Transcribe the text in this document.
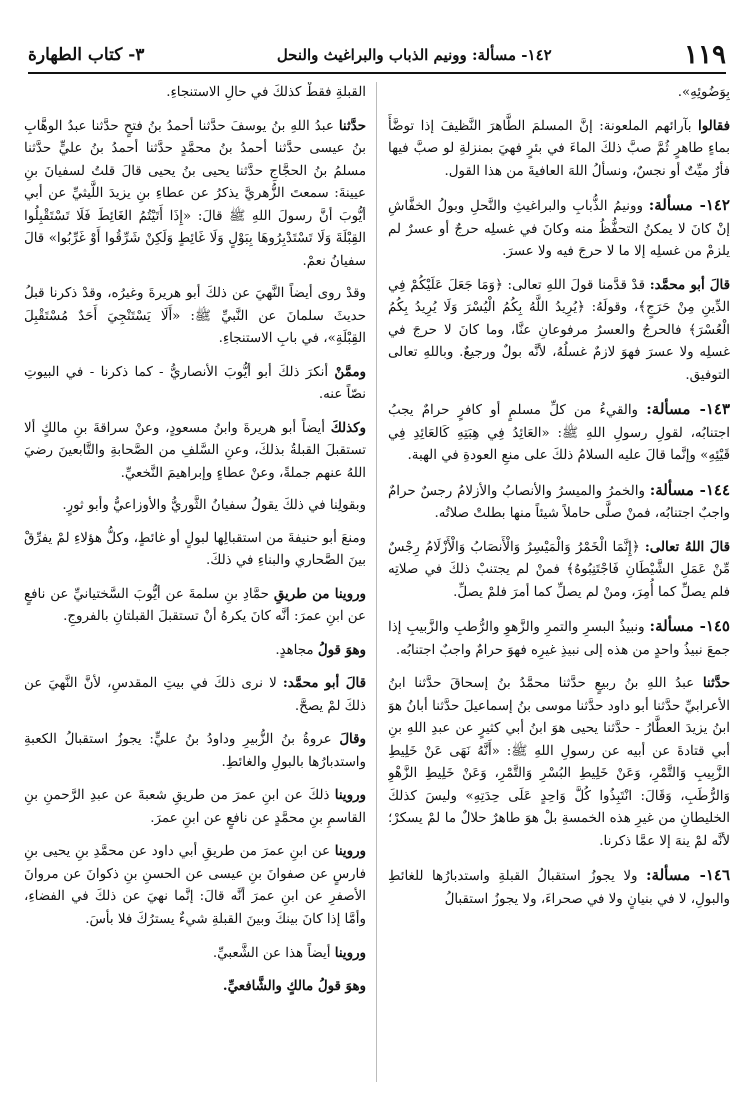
١١٩
١٤٢- مسألة: وونيم الذباب والبراغيث والنحل
٣- كتاب الطهارة

بِوَضُوئِهِ».

فقالوا بآرائهم الملعونة: إنَّ المسلمَ الطَّاهرَ النَّظيفَ إذا توضَّأَ بماءٍ طاهرٍ ثُمَّ صبَّ ذلكَ الماءَ في بئرٍ فهيَ بمنزلةِ لو صبَّ فيها فأرٌ ميِّتٌ أو نجسٌ، ونسألُ اللهَ العافيةَ من هذا القول.

١٤٢- مسألة: وونيمُ الذُّبابِ والبراغيثِ والنَّحلِ وبولُ الخفَّاشِ إنْ كانَ لا يمكنُ التحفُّظُ منه وكانَ في غسلِه حرجٌ أو عسرٌ لم يلزمْ من غسلِه إلا ما لا حرجَ فيه ولا عسرَ.

قالَ أبو محمَّد: قدْ قدَّمنا قولَ اللهِ تعالى: ﴿وَمَا جَعَلَ عَلَيْكُمْ فِي الدِّينِ مِنْ حَرَجٍ﴾، وقولَهُ: ﴿يُرِيدُ اللَّهُ بِكُمُ الْيُسْرَ وَلَا يُرِيدُ بِكُمُ الْعُسْرَ﴾ فالحرجُ والعسرُ مرفوعانِ عنَّا، وما كانَ لا حرجَ في غسلِه ولا عسرَ فهوَ لازمٌ غسلُهُ، لأنَّه بولٌ ورجيعٌ. وباللهِ تعالى التوفيق.

١٤٣- مسألة: والقيءُ من كلِّ مسلمٍ أو كافرٍ حرامٌ يجبُ اجتنابُه، لقولِ رسولِ اللهِ ﷺ: «العَائِدُ فِي هِبَتِهِ كَالعَائِدِ فِي قَيْئِهِ» وإنَّما قالَ عليه السلامُ ذلكَ على منعِ العودةِ في الهبة.

١٤٤- مسألة: والخمرُ والميسرُ والأنصابُ والأزلامُ رجسٌ حرامٌ واجبٌ اجتنابُه، فمنْ صلَّى حاملاً شيئاً منها بطلتْ صلاتُه.

قالَ اللهُ تعالى: ﴿إِنَّمَا الْخَمْرُ وَالْمَيْسِرُ وَالْأَنصَابُ وَالْأَزْلَامُ رِجْسٌ مِّنْ عَمَلِ الشَّيْطَانِ فَاجْتَنِبُوهُ﴾ فمنْ لم يجتنبْ ذلكَ في صلاتِه فلم يصلِّ كما أُمِرَ، ومنْ لم يصلِّ كما أمرَ فلمْ يصلِّ.

١٤٥- مسألة: ونبيذُ البسرِ والتمرِ والزَّهوِ والرُّطبِ والزَّبيبِ إذا جمعَ نبيذُ واحدٍ من هذه إلى نبيذِ غيرِه فهوَ حرامٌ واجبٌ اجتنابُه.

حدَّثنا عبدُ اللهِ بنُ ربيعٍ حدَّثنا محمَّدُ بنُ إسحاقَ حدَّثنا ابنُ الأعرابيِّ حدَّثنا أبو داود حدَّثنا موسى بنُ إسماعيلَ حدَّثنا أبانُ هوَ ابنُ يزيدَ العطَّارُ - حدَّثنا يحيى هوَ ابنُ أبي كثيرٍ عن عبدِ اللهِ بنِ أبي قتادةَ عن أبيه عن رسولِ اللهِ ﷺ: «أَنَّهُ نَهَى عَنْ خَلِيطِ الزَّبِيبِ وَالتَّمْرِ، وَعَنْ خَلِيطِ البُسْرِ وَالتَّمْرِ، وَعَنْ خَلِيطِ الزَّهْوِ وَالرُّطَبِ، وَقَالَ: انْتَبِذُوا كُلَّ وَاحِدٍ عَلَى حِدَتِهِ» وليسَ كذلكَ الخليطانِ من غيرِ هذه الخمسةِ بلْ هوَ طاهرٌ حلالٌ ما لمْ يسكرْ؛ لأنَّه لمْ ينهَ إلا عمَّا ذكرنا.

١٤٦- مسألة: ولا يجوزُ استقبالُ القبلةِ واستدبارُها للغائطِ والبولِ، لا في بنيانٍ ولا في صحراءَ، ولا يجوزُ استقبالُ

القبلةِ فقطْ كذلكَ في حالِ الاستنجاءِ.

حدَّثنا عبدُ اللهِ بنُ يوسفَ حدَّثنا أحمدُ بنُ فتحٍ حدَّثنا عبدُ الوهَّابِ بنُ عيسى حدَّثنا أحمدُ بنُ محمَّدٍ حدَّثنا أحمدُ بنُ عليٍّ حدَّثنا مسلمُ بنُ الحجَّاجِ حدَّثنا يحيى بنُ يحيى قالَ قلتُ لسفيانَ بنِ عيينةَ: سمعتَ الزُّهريَّ يذكرُ عن عطاءِ بنِ يزيدَ اللَّيثيِّ عن أبي أيُّوبَ أنَّ رسولَ اللهِ ﷺ قالَ: «إِذَا أَتَيْتُمُ الغَائِطَ فَلَا تَسْتَقْبِلُوا القِبْلَةَ وَلَا تَسْتَدْبِرُوهَا بِبَوْلٍ وَلَا غَائِطٍ وَلَكِنْ شَرِّقُوا أَوْ غَرِّبُوا» قالَ سفيانُ نعمْ.

وقدْ روى أيضاً النَّهيَ عن ذلكَ أبو هريرةَ وغيرُه، وقدْ ذكرنا قبلُ حديثَ سلمانَ عن النَّبيِّ ﷺ: «أَلَا يَسْتَنْجِيَ أَحَدٌ مُسْتَقْبِلَ القِبْلَةِ»، في بابِ الاستنجاءِ.

وممَّنْ أنكرَ ذلكَ أبو أيُّوبَ الأنصاريُّ - كما ذكرنا - في البيوتِ نصّاً عنه.

وكذلكَ أيضاً أبو هريرةَ وابنُ مسعودٍ، وعنْ سراقةَ بنِ مالكٍ ألا تستقبلَ القبلةُ بذلكَ، وعنِ السَّلفِ من الصَّحابةِ والتَّابعينَ رضيَ اللهُ عنهم جملةً، وعنْ عطاءٍ وإبراهيمَ النَّخعيِّ.

وبقولِنا في ذلكَ يقولُ سفيانُ الثَّوريُّ والأوزاعيُّ وأبو ثورٍ.

ومنعَ أبو حنيفةَ من استقبالِها لبولٍ أو غائطٍ، وكلُّ هؤلاءِ لمْ يفرِّقْ بينَ الصَّحاري والبناءِ في ذلكَ.

وروينا من طريقِ حمَّادِ بنِ سلمةَ عن أيُّوبَ السَّختيانيِّ عن نافعٍ عن ابنِ عمرَ: أنَّه كانَ يكرهُ أنْ تستقبلَ القبلتانِ بالفروجِ.

وهوَ قولُ مجاهدٍ.

قالَ أبو محمَّد: لا نرى ذلكَ في بيتِ المقدسِ، لأنَّ النَّهيَ عن ذلكَ لمْ يصحَّ.

وقالَ عروةُ بنُ الزُّبيرِ وداودُ بنُ عليٍّ: يجوزُ استقبالُ الكعبةِ واستدبارُها بالبولِ والغائطِ.

وروينا ذلكَ عن ابنِ عمرَ من طريقِ شعبةَ عن عبدِ الرَّحمنِ بنِ القاسمِ بنِ محمَّدٍ عن نافعٍ عن ابنِ عمرَ.

وروينا عن ابنِ عمرَ من طريقِ أبي داود عن محمَّدِ بنِ يحيى بنِ فارسٍ عن صفوانَ بنِ عيسى عن الحسنِ بنِ ذكوانَ عن مروانَ الأصفرِ عن ابنِ عمرَ أنَّه قالَ: إنَّما نهيَ عن ذلكَ في الفضاءِ، وأمَّا إذا كانَ بينكَ وبينَ القبلةِ شيءٌ يسترُكَ فلا بأسَ.

وروينا أيضاً هذا عن الشَّعبيِّ.

وهوَ قولُ مالكٍ والشَّافعيِّ.
